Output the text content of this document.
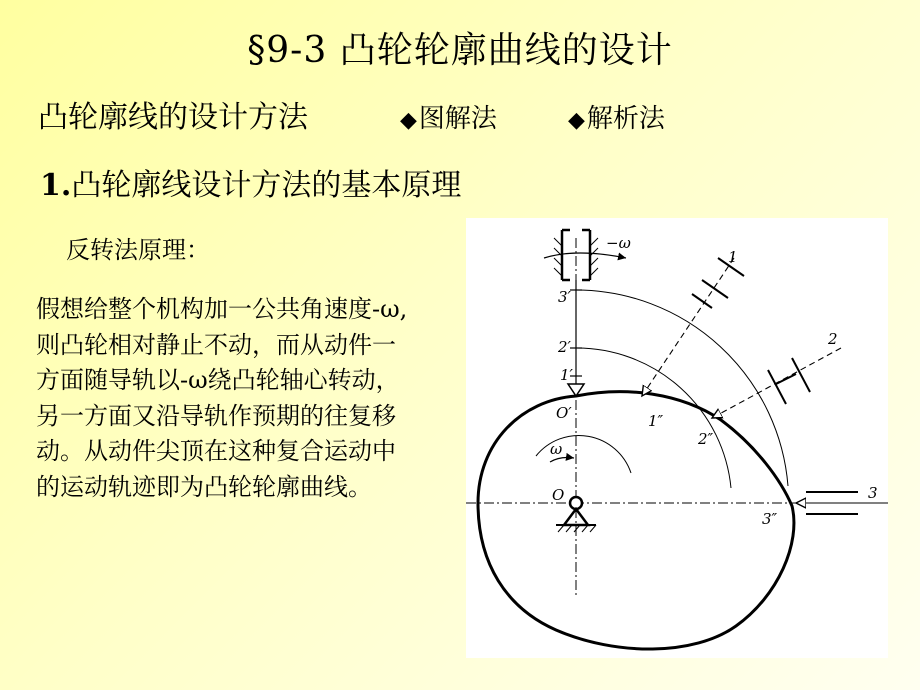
§9-3 凸轮轮廓曲线的设计
凸轮廓线的设计方法	◆图解法	◆解析法
1.凸轮廓线设计方法的基本原理
反转法原理：
假想给整个机构加一公共角速度-ω,则凸轮相对静止不动，而从动件一方面随导轨以-ω绕凸轮轴心转动，另一方面又沿导轨作预期的往复移动。从动件尖顶在这种复合运动中的运动轨迹即为凸轮轮廓曲线。
−ω
3′
2′
1′
O′
1
1″
2
2″
3
3″
ω
O
